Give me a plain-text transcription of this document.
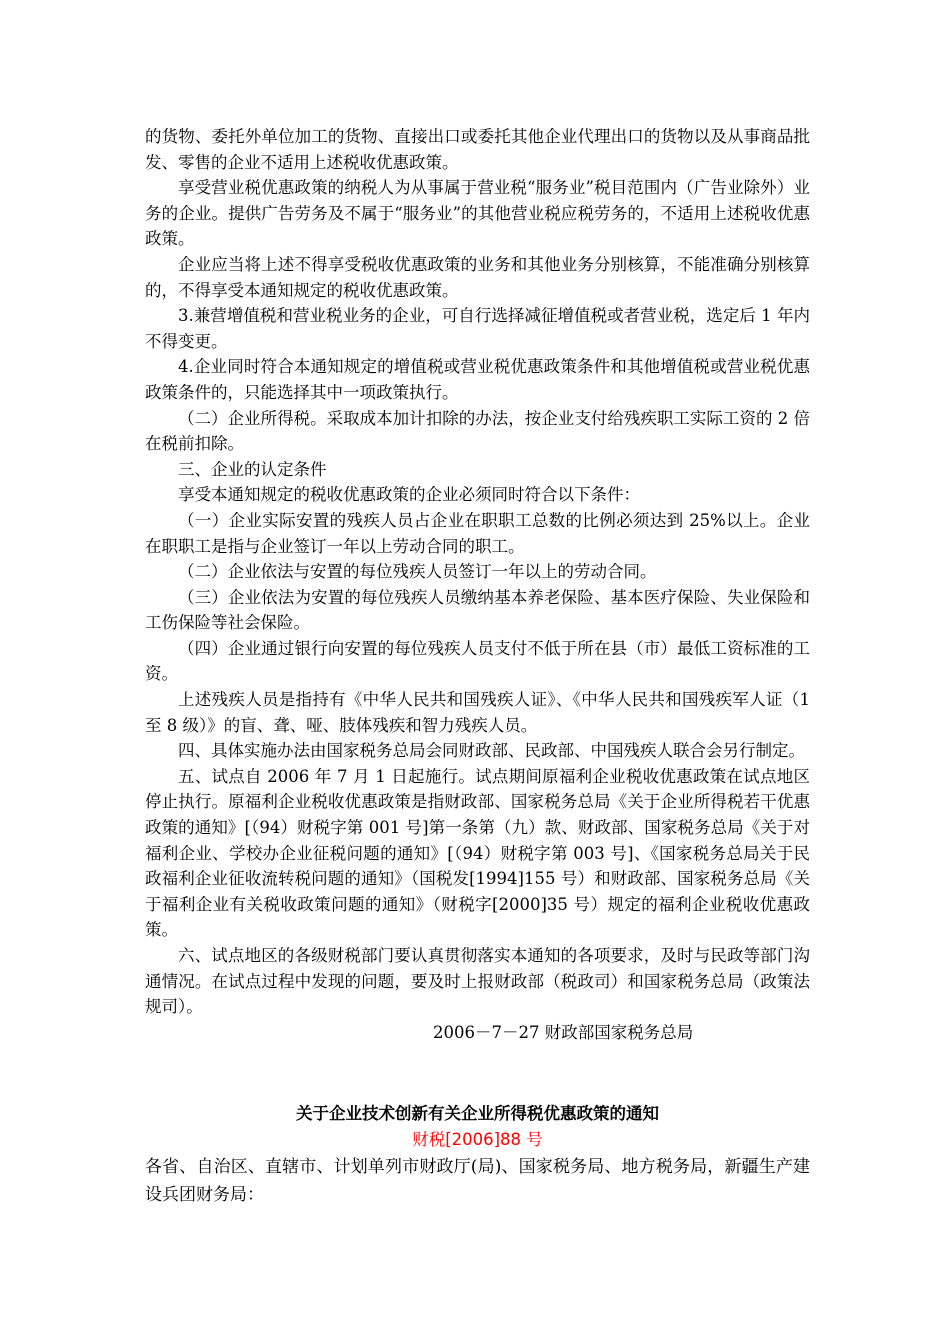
的货物、委托外单位加工的货物、直接出口或委托其他企业代理出口的货物以及从事商品批发、零售的企业不适用上述税收优惠政策。

享受营业税优惠政策的纳税人为从事属于营业税“服务业”税目范围内（广告业除外）业务的企业。提供广告劳务及不属于“服务业”的其他营业税应税劳务的，不适用上述税收优惠政策。

企业应当将上述不得享受税收优惠政策的业务和其他业务分别核算，不能准确分别核算的，不得享受本通知规定的税收优惠政策。

3.兼营增值税和营业税业务的企业，可自行选择减征增值税或者营业税，选定后 1 年内不得变更。

4.企业同时符合本通知规定的增值税或营业税优惠政策条件和其他增值税或营业税优惠政策条件的，只能选择其中一项政策执行。

（二）企业所得税。采取成本加计扣除的办法，按企业支付给残疾职工实际工资的 2 倍在税前扣除。

三、企业的认定条件

享受本通知规定的税收优惠政策的企业必须同时符合以下条件：

（一）企业实际安置的残疾人员占企业在职职工总数的比例必须达到 25%以上。企业在职职工是指与企业签订一年以上劳动合同的职工。

（二）企业依法与安置的每位残疾人员签订一年以上的劳动合同。

（三）企业依法为安置的每位残疾人员缴纳基本养老保险、基本医疗保险、失业保险和工伤保险等社会保险。

（四）企业通过银行向安置的每位残疾人员支付不低于所在县（市）最低工资标准的工资。

上述残疾人员是指持有《中华人民共和国残疾人证》、《中华人民共和国残疾军人证（1 至 8 级）》的盲、聋、哑、肢体残疾和智力残疾人员。

四、具体实施办法由国家税务总局会同财政部、民政部、中国残疾人联合会另行制定。

五、试点自 2006 年 7 月 1 日起施行。试点期间原福利企业税收优惠政策在试点地区停止执行。原福利企业税收优惠政策是指财政部、国家税务总局《关于企业所得税若干优惠政策的通知》[（94）财税字第 001 号]第一条第（九）款、财政部、国家税务总局《关于对福利企业、学校办企业征税问题的通知》[（94）财税字第 003 号]、《国家税务总局关于民政福利企业征收流转税问题的通知》（国税发[1994]155 号）和财政部、国家税务总局《关于福利企业有关税收政策问题的通知》（财税字[2000]35 号）规定的福利企业税收优惠政策。

六、试点地区的各级财税部门要认真贯彻落实本通知的各项要求，及时与民政等部门沟通情况。在试点过程中发现的问题，要及时上报财政部（税政司）和国家税务总局（政策法规司）。

2006－7－27 财政部国家税务总局

关于企业技术创新有关企业所得税优惠政策的通知

财税[2006]88 号

各省、自治区、直辖市、计划单列市财政厅(局)、国家税务局、地方税务局，新疆生产建设兵团财务局：
